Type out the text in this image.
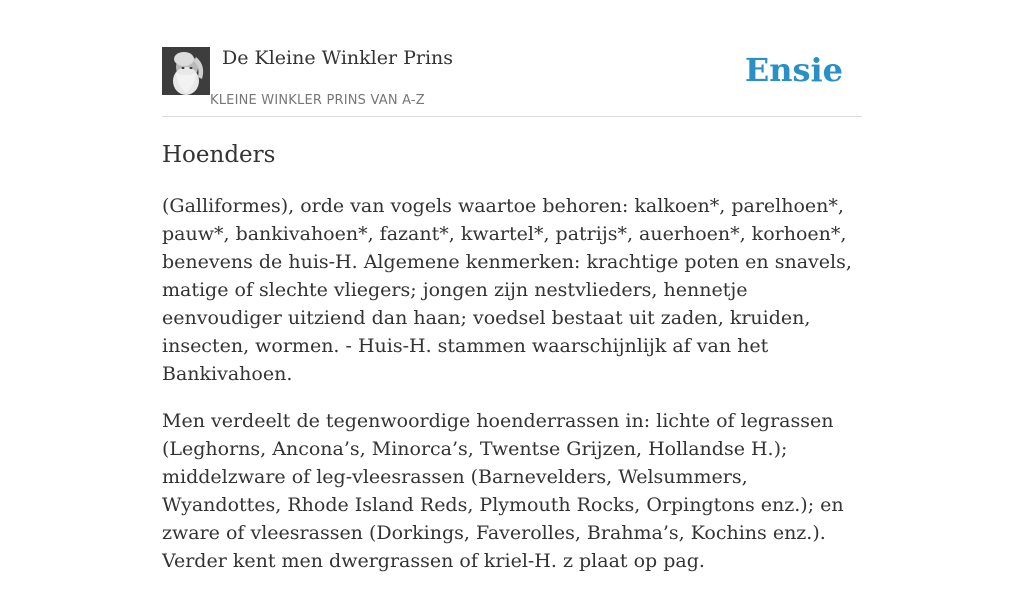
De Kleine Winkler Prins
KLEINE WINKLER PRINS VAN A-Z
Ensie
Hoenders

(Galliformes), orde van vogels waartoe behoren: kalkoen*, parelhoen*, pauw*, bankivahoen*, fazant*, kwartel*, patrijs*, auerhoen*, korhoen*, benevens de huis-H. Algemene kenmerken: krachtige poten en snavels, matige of slechte vliegers; jongen zijn nestvlieders, hennetje eenvoudiger uitziend dan haan; voedsel bestaat uit zaden, kruiden, insecten, wormen. - Huis-H. stammen waarschijnlijk af van het Bankivahoen.

Men verdeelt de tegenwoordige hoenderrassen in: lichte of legrassen (Leghorns, Ancona’s, Minorca’s, Twentse Grijzen, Hollandse H.); middelzware of leg-vleesrassen (Barnevelders, Welsummers, Wyandottes, Rhode Island Reds, Plymouth Rocks, Orpingtons enz.); en zware of vleesrassen (Dorkings, Faverolles, Brahma’s, Kochins enz.). Verder kent men dwergrassen of kriel-H. z plaat op pag.
